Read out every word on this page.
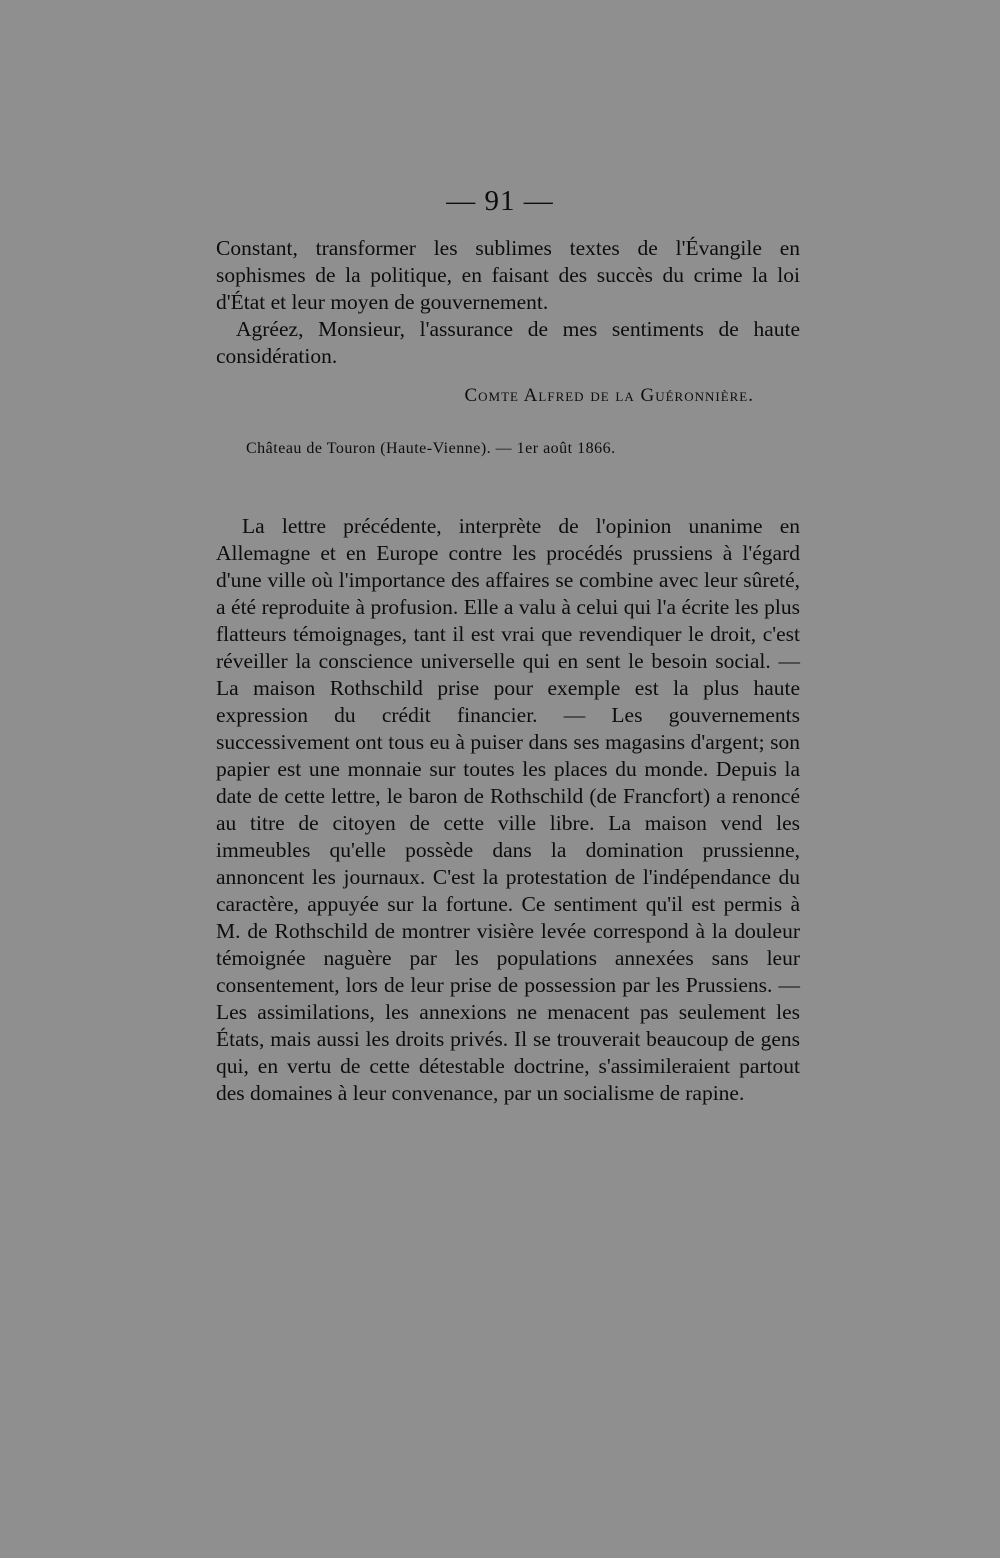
— 91 —

Constant, transformer les sublimes textes de l'Évangile en sophismes de la politique, en faisant des succès du crime la loi d'État et leur moyen de gouvernement.

Agréez, Monsieur, l'assurance de mes sentiments de haute considération.

Comte Alfred de la Guéronnière.
Château de Touron (Haute-Vienne). — 1er août 1866.

La lettre précédente, interprète de l'opinion unanime en Allemagne et en Europe contre les procédés prussiens à l'égard d'une ville où l'importance des affaires se combine avec leur sûreté, a été reproduite à profusion. Elle a valu à celui qui l'a écrite les plus flatteurs témoignages, tant il est vrai que revendiquer le droit, c'est réveiller la conscience universelle qui en sent le besoin social. — La maison Rothschild prise pour exemple est la plus haute expression du crédit financier. — Les gouvernements successivement ont tous eu à puiser dans ses magasins d'argent; son papier est une monnaie sur toutes les places du monde. Depuis la date de cette lettre, le baron de Rothschild (de Francfort) a renoncé au titre de citoyen de cette ville libre. La maison vend les immeubles qu'elle possède dans la domination prussienne, annoncent les journaux. C'est la protestation de l'indépendance du caractère, appuyée sur la fortune. Ce sentiment qu'il est permis à M. de Rothschild de montrer visière levée correspond à la douleur témoignée naguère par les populations annexées sans leur consentement, lors de leur prise de possession par les Prussiens. — Les assimilations, les annexions ne menacent pas seulement les États, mais aussi les droits privés. Il se trouverait beaucoup de gens qui, en vertu de cette détestable doctrine, s'assimileraient partout des domaines à leur convenance, par un socialisme de rapine.
